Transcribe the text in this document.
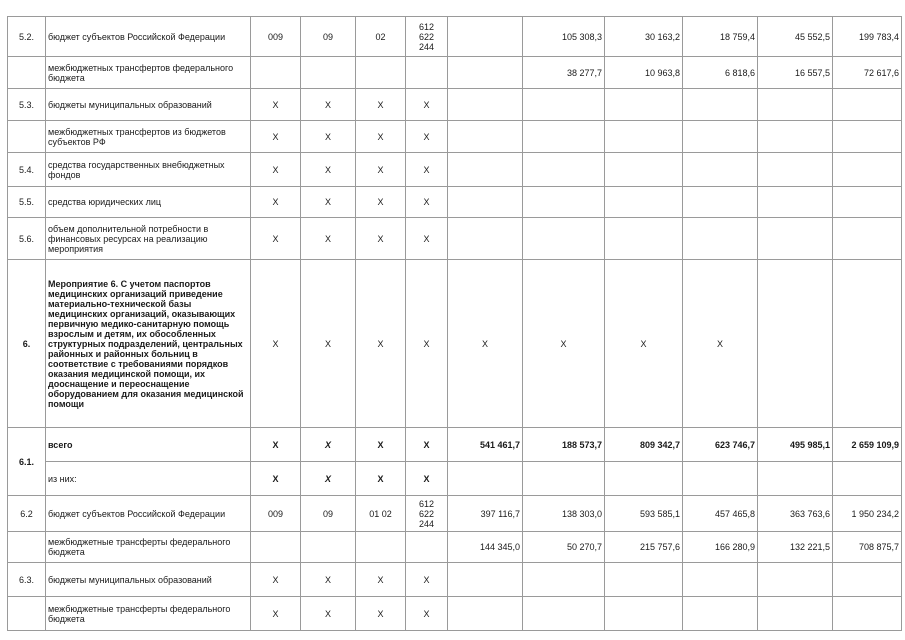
5.2.	бюджет субъектов Российской Федерации	009	09	02	612
622
244		105 308,3	30 163,2	18 759,4	45 552,5	199 783,4
	межбюджетных трансфертов федерального бюджета						38 277,7	10 963,8	6 818,6	16 557,5	72 617,6
5.3.	бюджеты муниципальных образований	X	X	X	X						
	межбюджетных трансфертов из бюджетов субъектов РФ	X	X	X	X						
5.4.	средства государственных внебюджетных фондов	X	X	X	X						
5.5.	средства юридических лиц	X	X	X	X						
5.6.	объем дополнительной потребности в финансовых ресурсах на реализацию мероприятия	X	X	X	X						
6.	Мероприятие 6. С учетом паспортов медицинских организаций приведение материально-технической базы медицинских организаций, оказывающих первичную медико-санитарную помощь взрослым и детям, их обособленных структурных подразделений, центральных районных и районных больниц в соответствие с требованиями порядков оказания медицинской помощи, их дооснащение и переоснащение оборудованием для оказания медицинской помощи	X	X	X	X	X	X	X	X		
6.1.	всего	X	X	X	X	541 461,7	188 573,7	809 342,7	623 746,7	495 985,1	2 659 109,9
	из них:	X	X	X	X						
6.2	бюджет субъектов Российской Федерации	009	09	01 02	612
622
244	397 116,7	138 303,0	593 585,1	457 465,8	363 763,6	1 950 234,2
	межбюджетные трансферты федерального бюджета					144 345,0	50 270,7	215 757,6	166 280,9	132 221,5	708 875,7
6.3.	бюджеты муниципальных образований	X	X	X	X						
	межбюджетные трансферты федерального бюджета	X	X	X	X						
